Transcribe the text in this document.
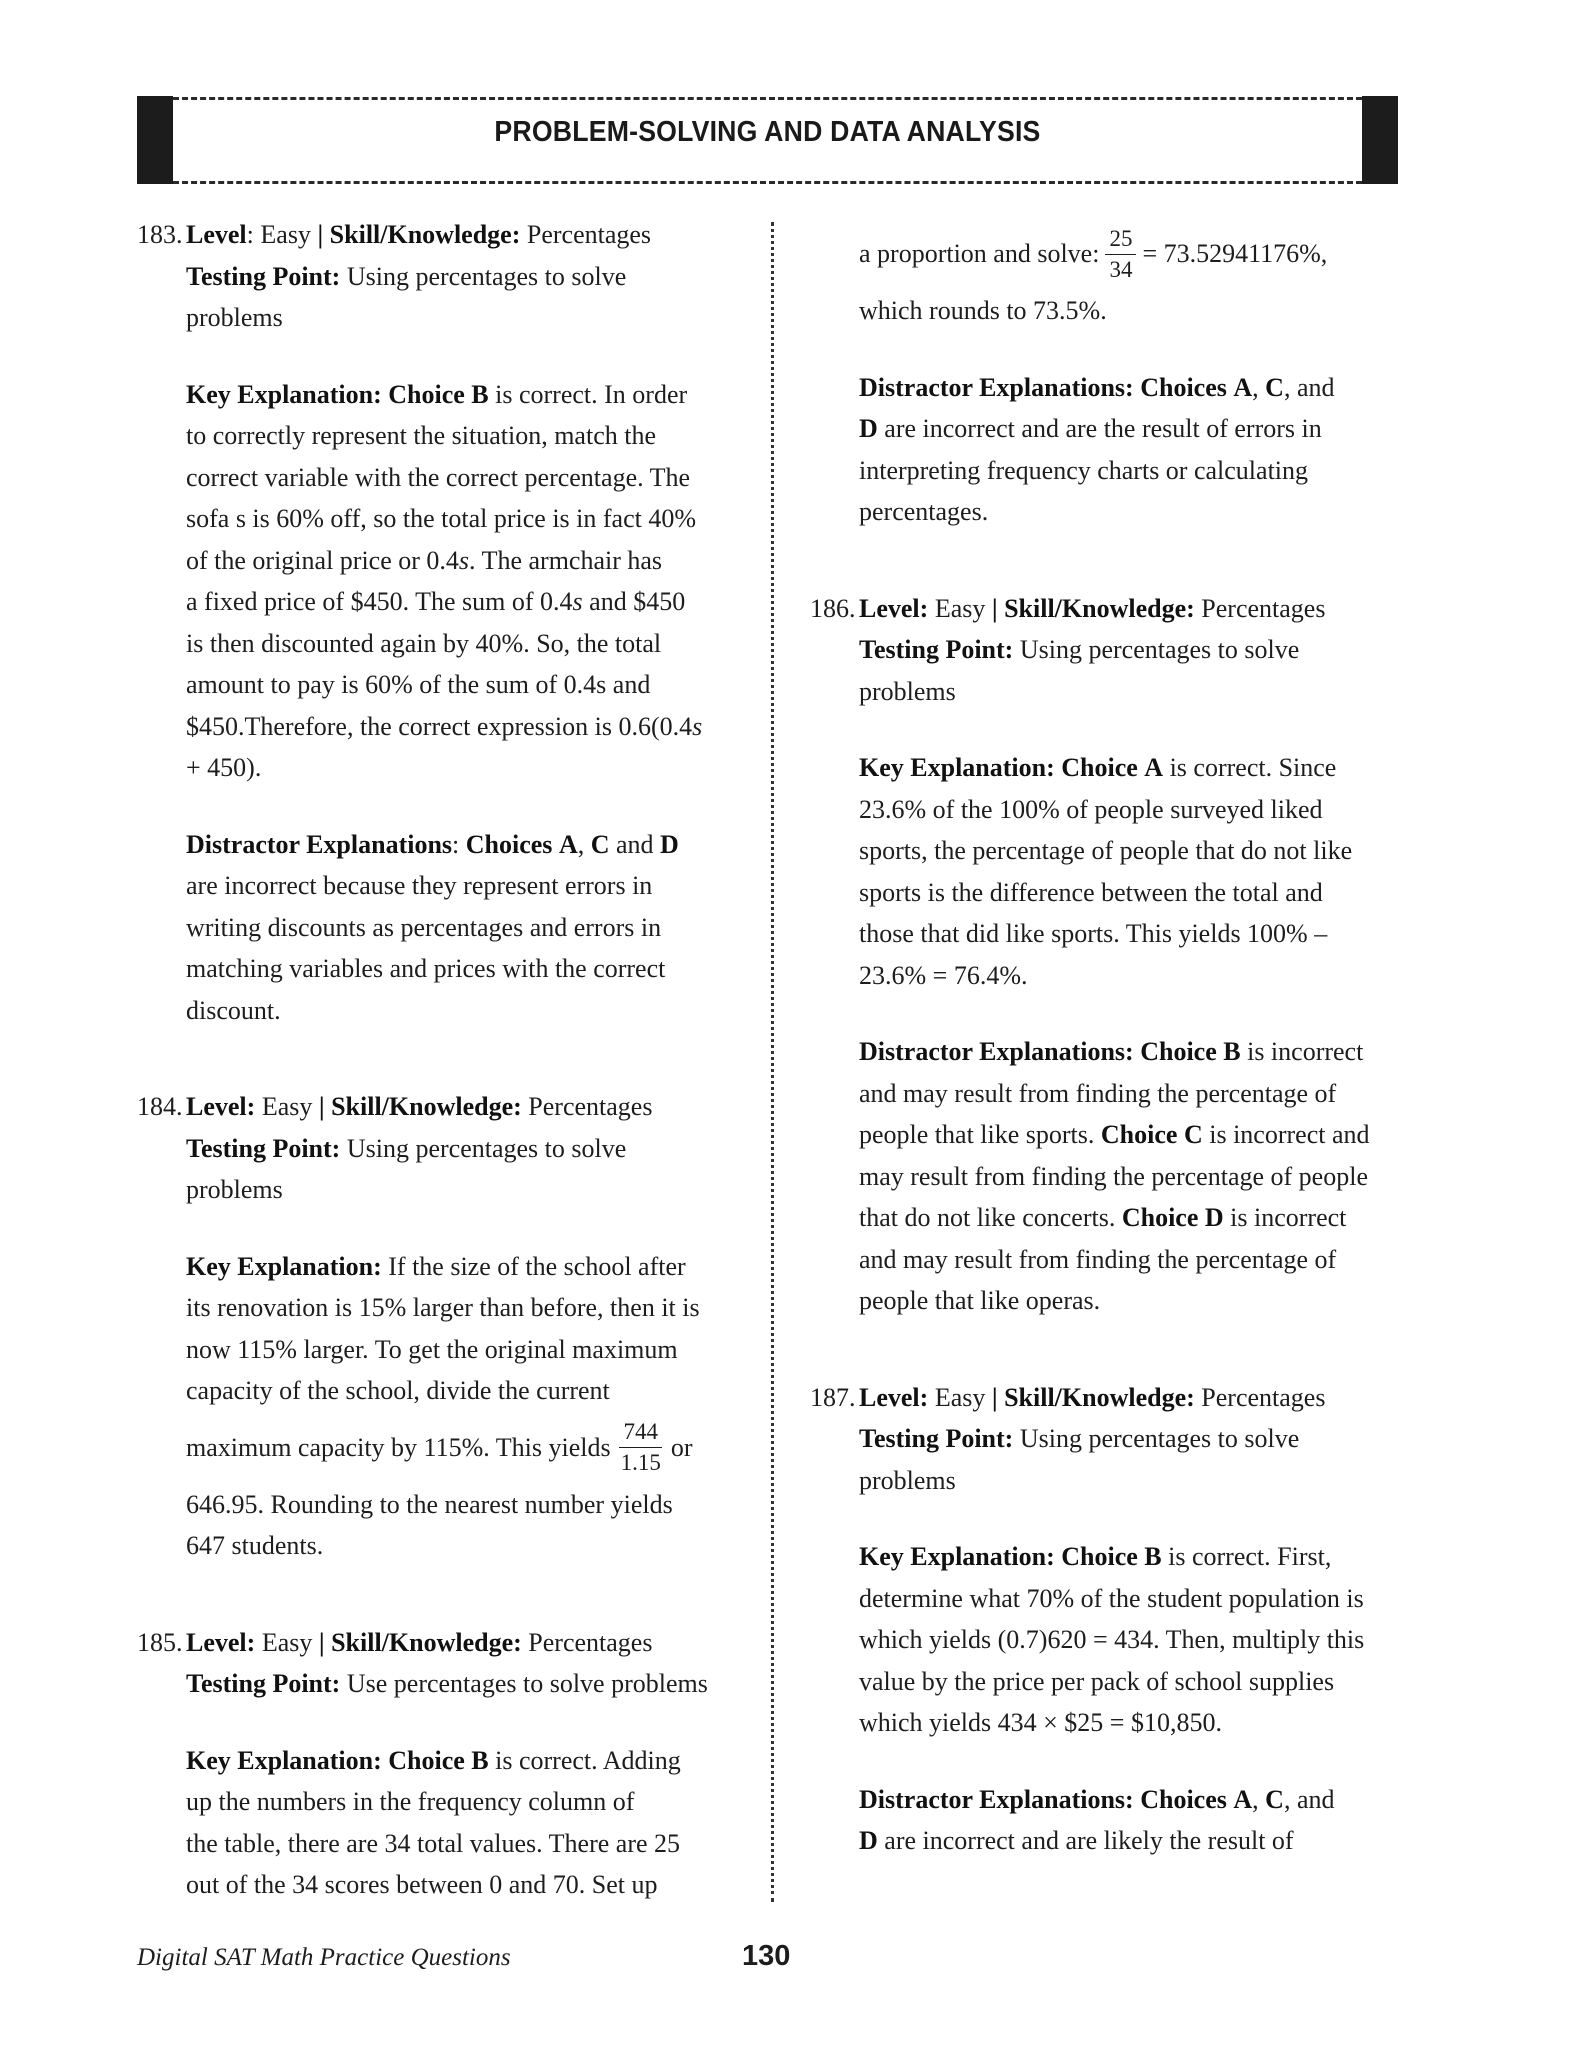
PROBLEM-SOLVING AND DATA ANALYSIS
183. Level: Easy | Skill/Knowledge: Percentages
Testing Point: Using percentages to solve
problems
Key Explanation: Choice B is correct. In order
to correctly represent the situation, match the
correct variable with the correct percentage. The
sofa s is 60% off, so the total price is in fact 40%
of the original price or 0.4s. The armchair has
a fixed price of $450. The sum of 0.4s and $450
is then discounted again by 40%. So, the total
amount to pay is 60% of the sum of 0.4s and
$450.Therefore, the correct expression is 0.6(0.4s
+ 450).
Distractor Explanations: Choices A, C and D
are incorrect because they represent errors in
writing discounts as percentages and errors in
matching variables and prices with the correct
discount.
184. Level: Easy | Skill/Knowledge: Percentages
Testing Point: Using percentages to solve
problems
Key Explanation: If the size of the school after
its renovation is 15% larger than before, then it is
now 115% larger. To get the original maximum
capacity of the school, divide the current
maximum capacity by 115%. This yields $\frac{744}{1.15}$ or
646.95. Rounding to the nearest number yields
647 students.
185. Level: Easy | Skill/Knowledge: Percentages
Testing Point: Use percentages to solve problems
Key Explanation: Choice B is correct. Adding
up the numbers in the frequency column of
the table, there are 34 total values. There are 25
out of the 34 scores between 0 and 70. Set up
a proportion and solve: $\frac{25}{34} = 73.52941176\%$,
which rounds to 73.5%.
Distractor Explanations: Choices A, C, and
D are incorrect and are the result of errors in
interpreting frequency charts or calculating
percentages.
186. Level: Easy | Skill/Knowledge: Percentages
Testing Point: Using percentages to solve
problems
Key Explanation: Choice A is correct. Since
23.6% of the 100% of people surveyed liked
sports, the percentage of people that do not like
sports is the difference between the total and
those that did like sports. This yields 100% –
23.6% = 76.4%.
Distractor Explanations: Choice B is incorrect
and may result from finding the percentage of
people that like sports. Choice C is incorrect and
may result from finding the percentage of people
that do not like concerts. Choice D is incorrect
and may result from finding the percentage of
people that like operas.
187. Level: Easy | Skill/Knowledge: Percentages
Testing Point: Using percentages to solve
problems
Key Explanation: Choice B is correct. First,
determine what 70% of the student population is
which yields (0.7)620 = 434. Then, multiply this
value by the price per pack of school supplies
which yields 434 × $25 = $10,850.
Distractor Explanations: Choices A, C, and
D are incorrect and are likely the result of
Digital SAT Math Practice Questions	130
